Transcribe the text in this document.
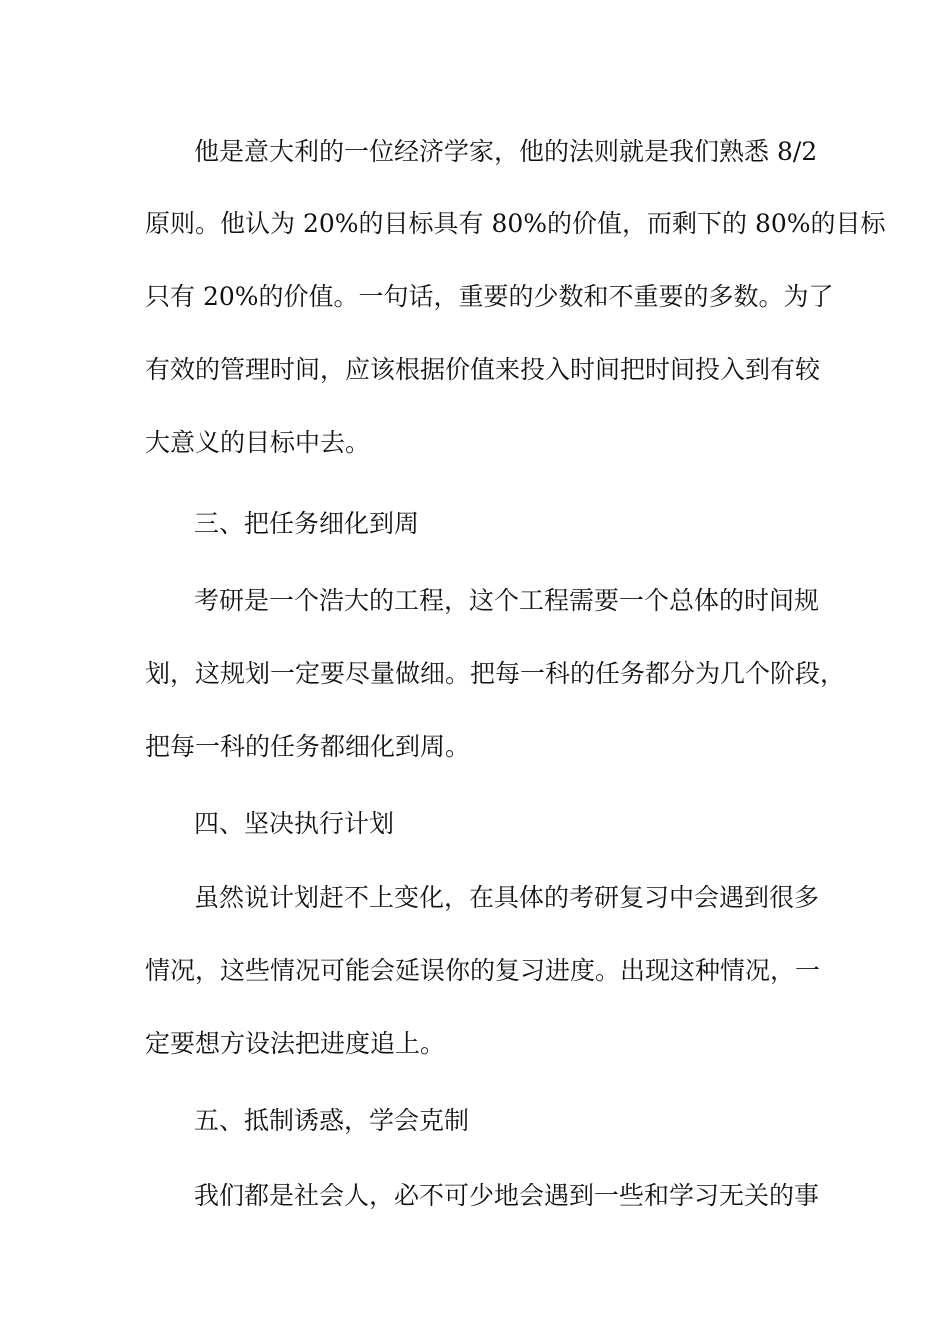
他是意大利的一位经济学家，他的法则就是我们熟悉 8/2

原则。他认为 20%的目标具有 80%的价值，而剩下的 80%的目标

只有 20%的价值。一句话，重要的少数和不重要的多数。为了

有效的管理时间，应该根据价值来投入时间把时间投入到有较

大意义的目标中去。

三、把任务细化到周

考研是一个浩大的工程，这个工程需要一个总体的时间规

划，这规划一定要尽量做细。把每一科的任务都分为几个阶段，

把每一科的任务都细化到周。

四、坚决执行计划

虽然说计划赶不上变化，在具体的考研复习中会遇到很多

情况，这些情况可能会延误你的复习进度。出现这种情况，一

定要想方设法把进度追上。

五、抵制诱惑，学会克制

我们都是社会人，必不可少地会遇到一些和学习无关的事
